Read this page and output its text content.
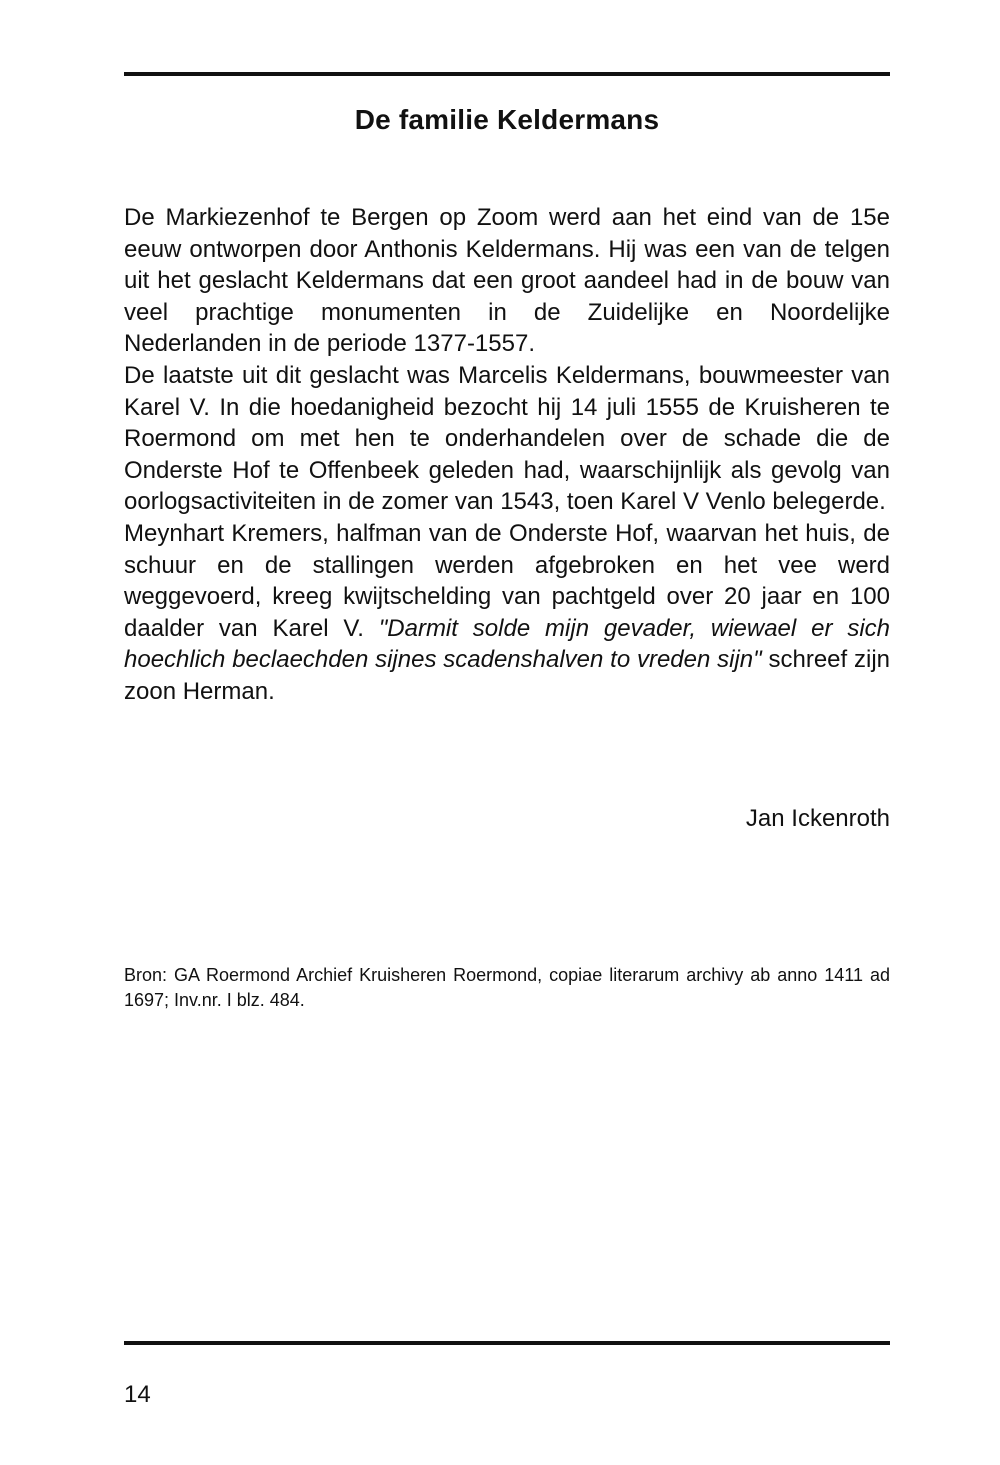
De familie Keldermans

De Markiezenhof te Bergen op Zoom werd aan het eind van de 15e eeuw ontworpen door Anthonis Keldermans. Hij was een van de telgen uit het geslacht Keldermans dat een groot aandeel had in de bouw van veel prachtige monumenten in de Zuidelijke en Noordelijke Nederlanden in de periode 1377-1557.

De laatste uit dit geslacht was Marcelis Keldermans, bouwmeester van Karel V. In die hoedanigheid bezocht hij 14 juli 1555 de Kruisheren te Roermond om met hen te onderhandelen over de schade die de Onderste Hof te Offenbeek geleden had, waarschijnlijk als gevolg van oorlogsactiviteiten in de zomer van 1543, toen Karel V Venlo belegerde.

Meynhart Kremers, halfman van de Onderste Hof, waarvan het huis, de schuur en de stallingen werden afgebroken en het vee werd weggevoerd, kreeg kwijtschelding van pachtgeld over 20 jaar en 100 daalder van Karel V. "Darmit solde mijn gevader, wiewael er sich hoechlich beclaechden sijnes scadenshalven to vreden sijn" schreef zijn zoon Herman.

Jan Ickenroth

Bron: GA Roermond Archief Kruisheren Roermond, copiae literarum archivy ab anno 1411 ad 1697; Inv.nr. I blz. 484.

14
